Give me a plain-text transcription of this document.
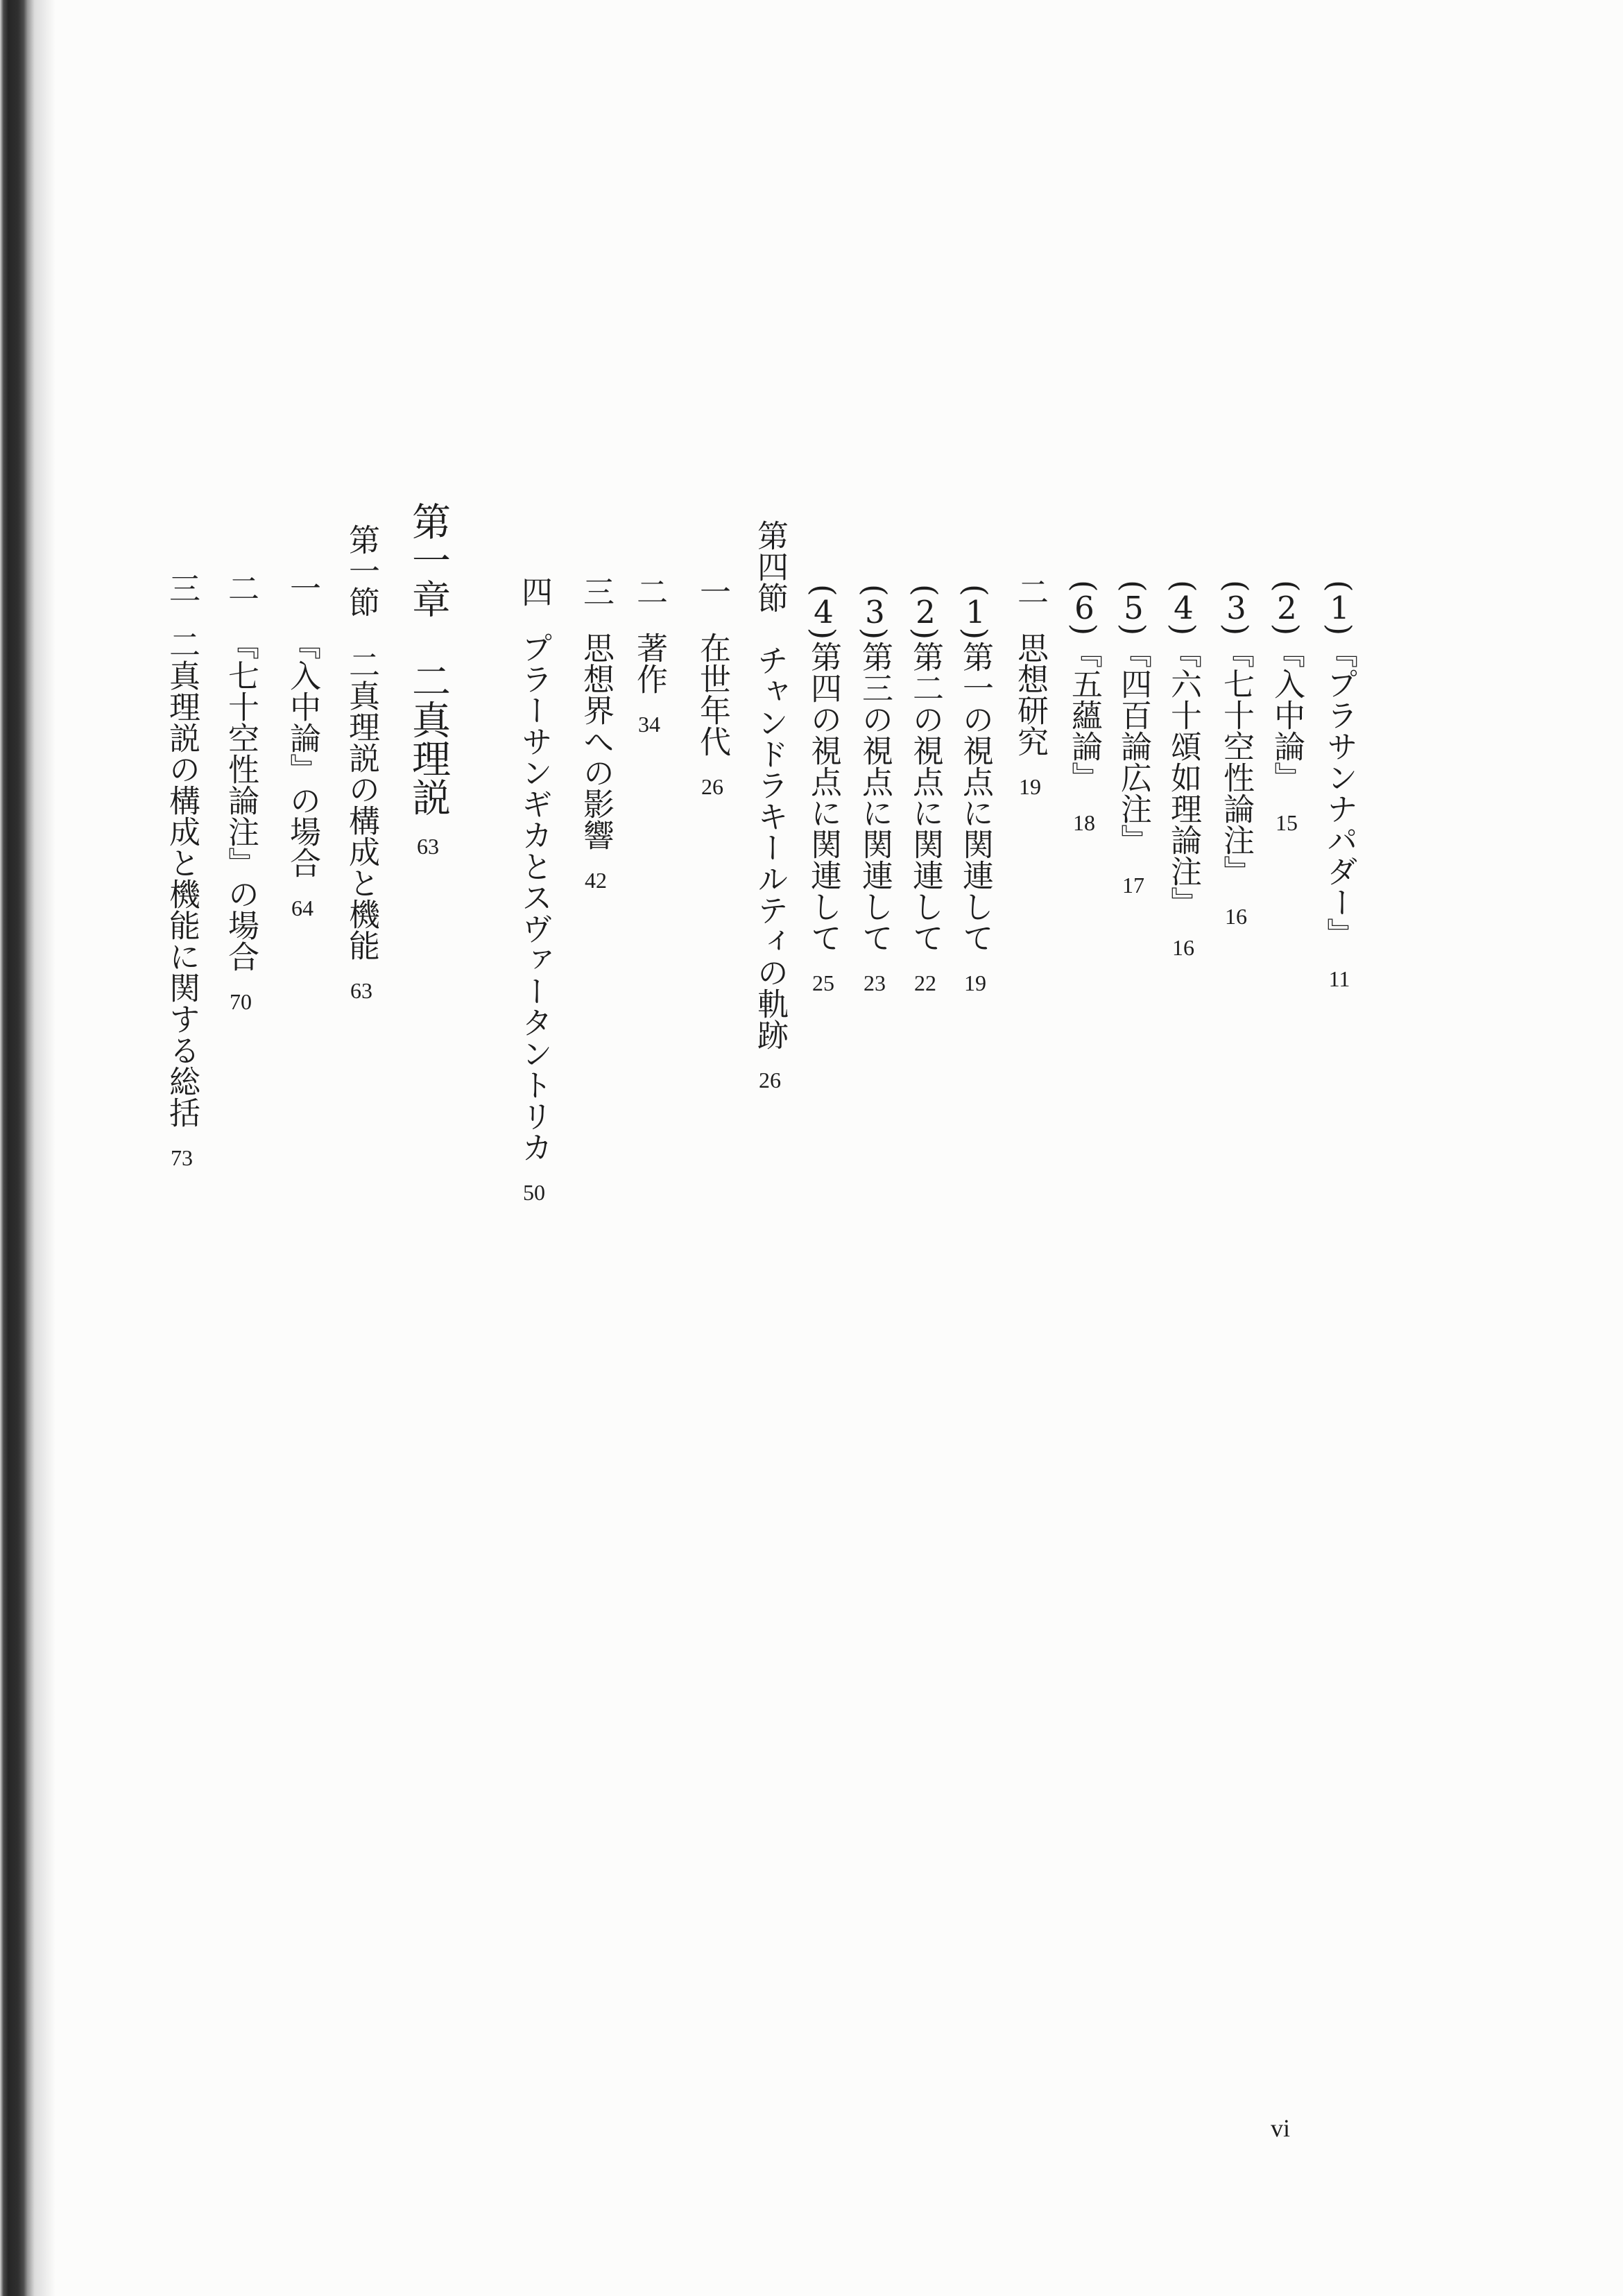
(1)『プラサンナパダー』11
(2)『入中論』15
(3)『七十空性論注』16
(4)『六十頌如理論注』16
(5)『四百論広注』17
(6)『五蘊論』18
二思想研究19
(1)第一の視点に関連して19
(2)第二の視点に関連して22
(3)第三の視点に関連して23
(4)第四の視点に関連して25
第四節チャンドラキールティの軌跡26
一在世年代26
二著作34
三思想界への影響42
四プラーサンギカとスヴァータントリカ50
第一章二真理説63
第一節二真理説の構成と機能63
一『入中論』の場合64
二『七十空性論注』の場合70
三二真理説の構成と機能に関する総括73
vi
